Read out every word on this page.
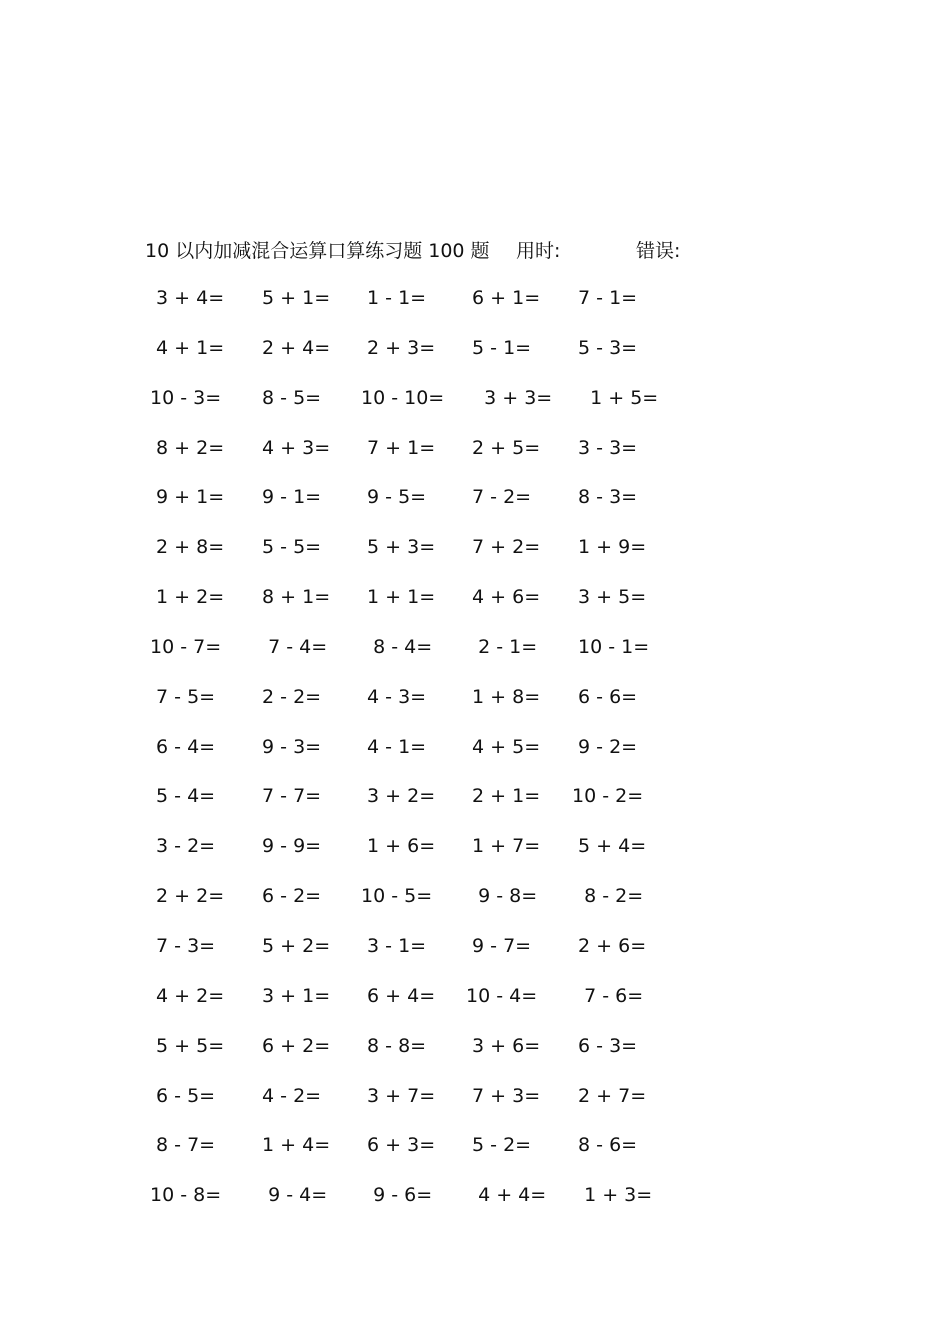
10 以内加减混合运算口算练习题 100 题 用时:	错误:
3 + 4=	5 + 1=	1 - 1=	6 + 1=	7 - 1=
4 + 1=	2 + 4=	2 + 3=	5 - 1=	5 - 3=
10 - 3=	8 - 5=	10 - 10=	3 + 3=	1 + 5=
8 + 2=	4 + 3=	7 + 1=	2 + 5=	3 - 3=
9 + 1=	9 - 1=	9 - 5=	7 - 2=	8 - 3=
2 + 8=	5 - 5=	5 + 3=	7 + 2=	1 + 9=
1 + 2=	8 + 1=	1 + 1=	4 + 6=	3 + 5=
10 - 7=	7 - 4=	8 - 4=	2 - 1=	10 - 1=
7 - 5=	2 - 2=	4 - 3=	1 + 8=	6 - 6=
6 - 4=	9 - 3=	4 - 1=	4 + 5=	9 - 2=
5 - 4=	7 - 7=	3 + 2=	2 + 1=	10 - 2=
3 - 2=	9 - 9=	1 + 6=	1 + 7=	5 + 4=
2 + 2=	6 - 2=	10 - 5=	9 - 8=	8 - 2=
7 - 3=	5 + 2=	3 - 1=	9 - 7=	2 + 6=
4 + 2=	3 + 1=	6 + 4=	10 - 4=	7 - 6=
5 + 5=	6 + 2=	8 - 8=	3 + 6=	6 - 3=
6 - 5=	4 - 2=	3 + 7=	7 + 3=	2 + 7=
8 - 7=	1 + 4=	6 + 3=	5 - 2=	8 - 6=
10 - 8=	9 - 4=	9 - 6=	4 + 4=	1 + 3=
